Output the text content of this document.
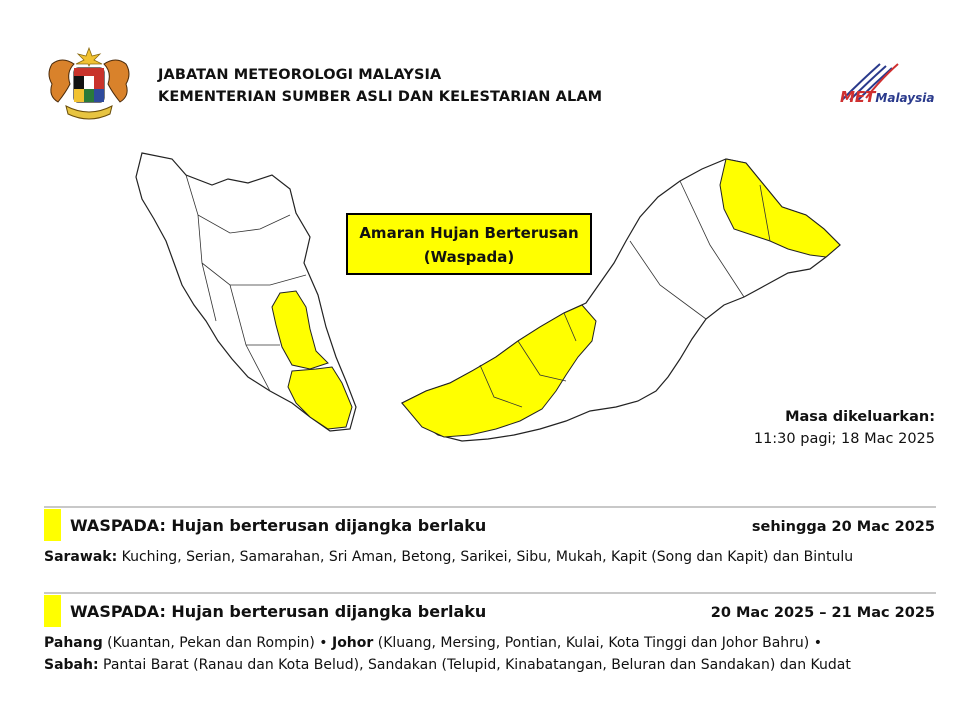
JABATAN METEOROLOGI MALAYSIA
KEMENTERIAN SUMBER ASLI DAN KELESTARIAN ALAM	METMalaysia
Amaran Hujan Berterusan
(Waspada)
Masa dikeluarkan:
11:30 pagi; 18 Mac 2025
WASPADA: Hujan berterusan dijangka berlaku	sehingga 20 Mac 2025
Sarawak: Kuching, Serian, Samarahan, Sri Aman, Betong, Sarikei, Sibu, Mukah, Kapit (Song dan Kapit) dan Bintulu
WASPADA: Hujan berterusan dijangka berlaku	20 Mac 2025 – 21 Mac 2025
Pahang (Kuantan, Pekan dan Rompin) • Johor (Kluang, Mersing, Pontian, Kulai, Kota Tinggi dan Johor Bahru) •
Sabah: Pantai Barat (Ranau dan Kota Belud), Sandakan (Telupid, Kinabatangan, Beluran dan Sandakan) dan Kudat
